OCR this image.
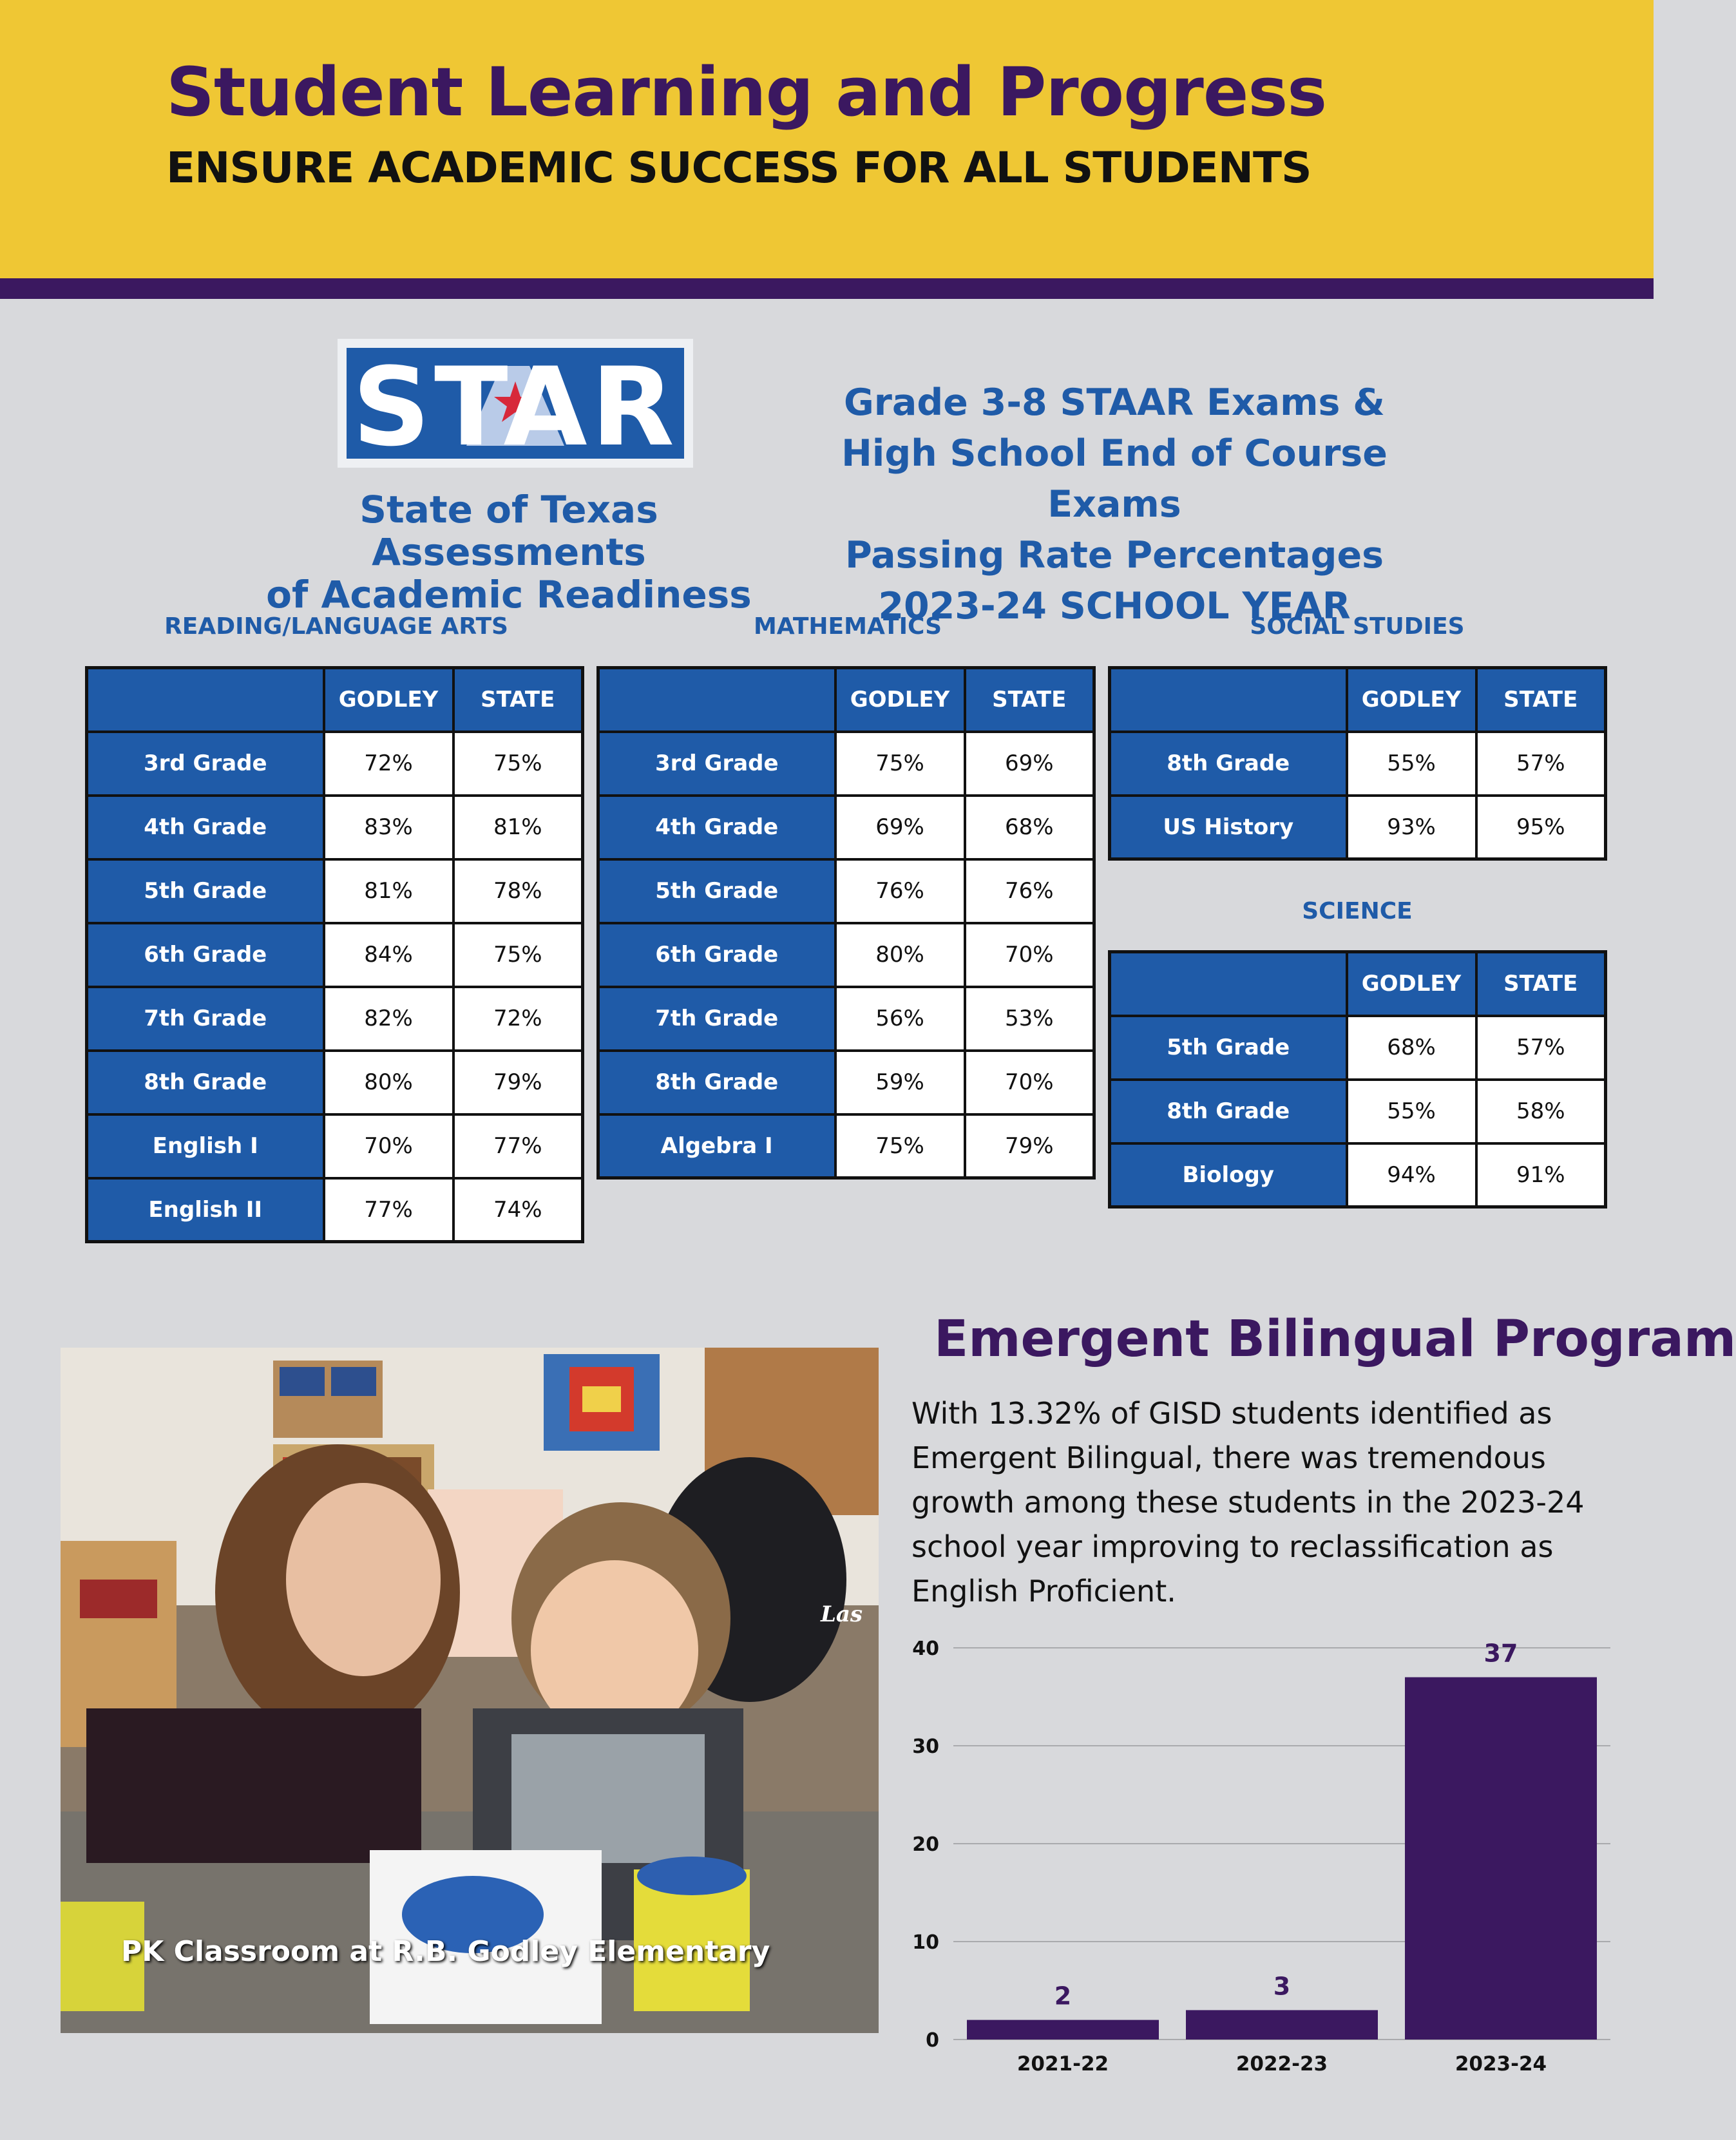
Student Learning and Progress
ENSURE ACADEMIC SUCCESS FOR ALL STUDENTS
STAR
State of Texas Assessments
of Academic Readiness
Grade 3-8 STAAR Exams &
High School End of Course Exams
Passing Rate Percentages
2023-24 SCHOOL YEAR
READING/LANGUAGE ARTS	MATHEMATICS	SOCIAL STUDIES
SCIENCE
	GODLEY	STATE
3rd Grade	72%	75%
4th Grade	83%	81%
5th Grade	81%	78%
6th Grade	84%	75%
7th Grade	82%	72%
8th Grade	80%	79%
English I	70%	77%
English II	77%	74%
	GODLEY	STATE
3rd Grade	75%	69%
4th Grade	69%	68%
5th Grade	76%	76%
6th Grade	80%	70%
7th Grade	56%	53%
8th Grade	59%	70%
Algebra I	75%	79%
	GODLEY	STATE
8th Grade	55%	57%
US History	93%	95%
	GODLEY	STATE
5th Grade	68%	57%
8th Grade	55%	58%
Biology	94%	91%
Las
PK Classroom at R.B. Godley Elementary
Emergent Bilingual Program
With 13.32% of GISD students identified as Emergent Bilingual, there was tremendous growth among these students in the 2023-24 school year improving to reclassification as English Proficient.
0
10
20
30
40
2
2021-22
3
2022-23
37
2023-24
